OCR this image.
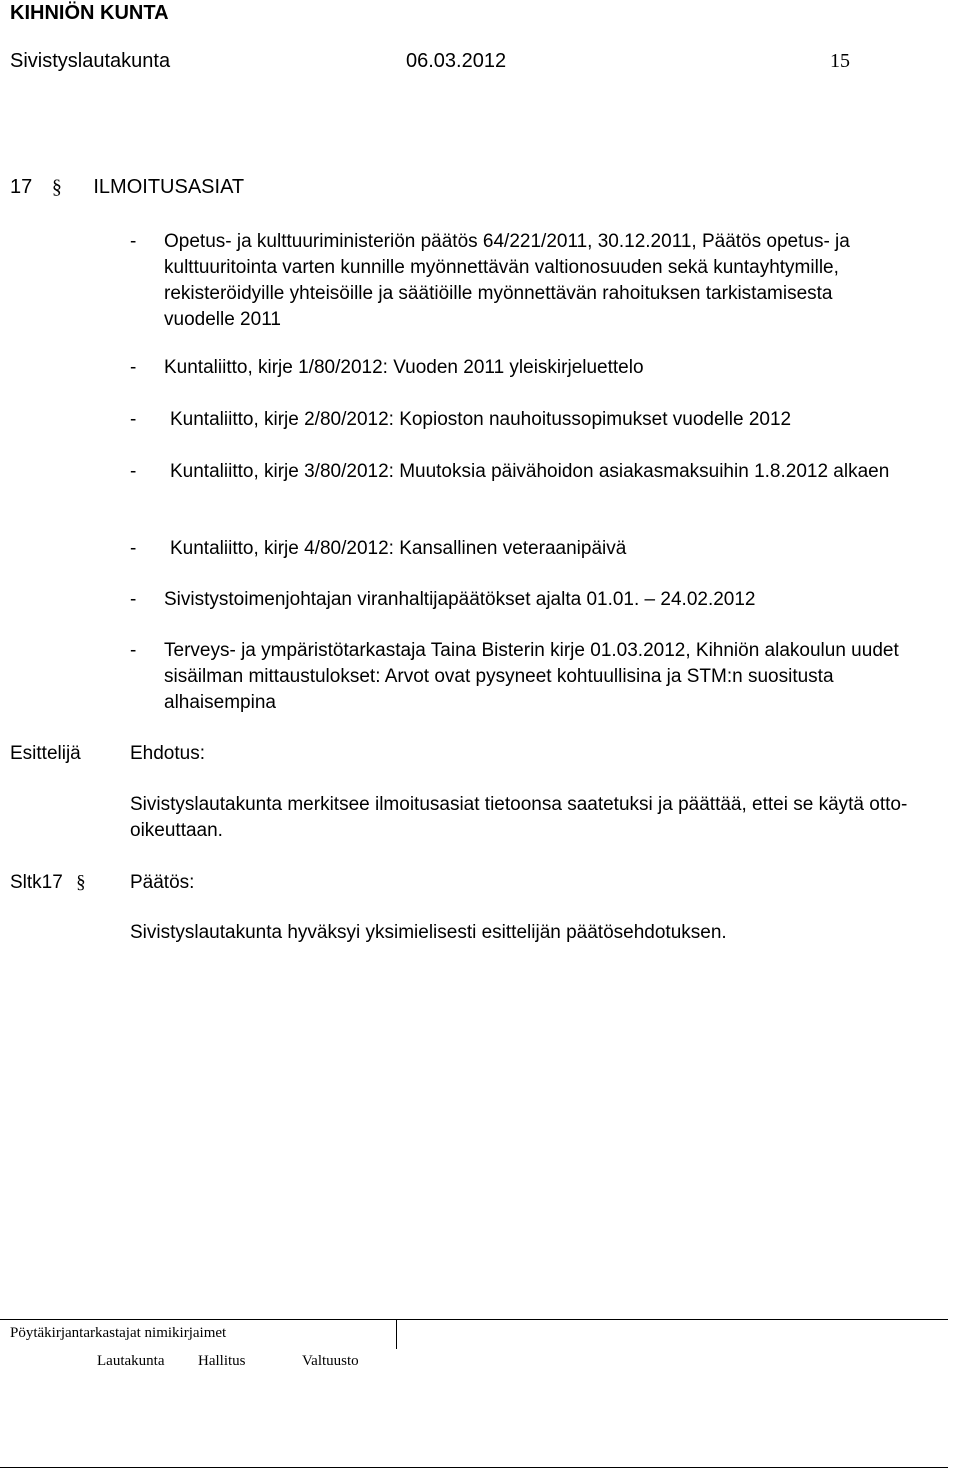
KIHNIÖN KUNTA
Sivistyslautakunta	06.03.2012	15
17 § ILMOITUSASIAT
- Opetus- ja kulttuuriministeriön päätös 64/221/2011, 30.12.2011, Päätös opetus- ja kulttuuritointa varten kunnille myönnettävän valtionosuuden sekä kuntayhtymille, rekisteröidyille yhteisöille ja säätiöille myönnettävän rahoituksen tarkistamisesta vuodelle 2011
- Kuntaliitto, kirje 1/80/2012: Vuoden 2011 yleiskirjeluettelo
- Kuntaliitto, kirje 2/80/2012: Kopioston nauhoitussopimukset vuodelle 2012
- Kuntaliitto, kirje 3/80/2012: Muutoksia päivähoidon asiakasmaksuihin 1.8.2012 alkaen
- Kuntaliitto, kirje 4/80/2012: Kansallinen veteraanipäivä
- Sivistystoimenjohtajan viranhaltijapäätökset ajalta 01.01. – 24.02.2012
- Terveys- ja ympäristötarkastaja Taina Bisterin kirje 01.03.2012, Kihniön alakoulun uudet sisäilman mittaustulokset: Arvot ovat pysyneet kohtuullisina ja STM:n suositusta alhaisempina
Esittelijä	Ehdotus:
Sivistyslautakunta merkitsee ilmoitusasiat tietoonsa saatetuksi ja päättää, ettei se käytä otto-oikeuttaan.
Sltk17 § Päätös:
Sivistyslautakunta hyväksyi yksimielisesti esittelijän päätösehdotuksen.
Pöytäkirjantarkastajat nimikirjaimet
Lautakunta Hallitus	Valtuusto
